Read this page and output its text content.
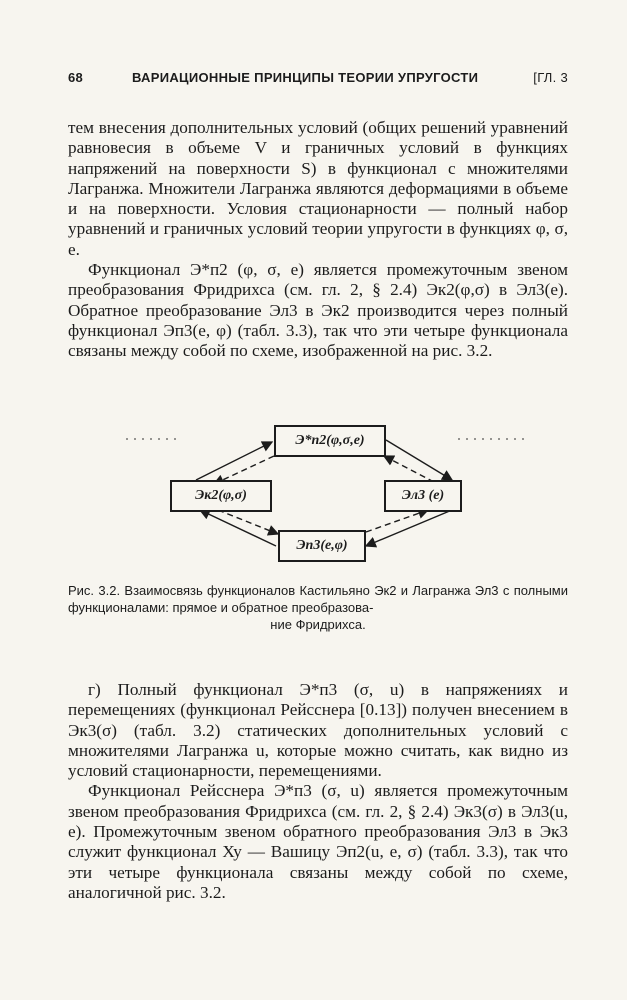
68	ВАРИАЦИОННЫЕ ПРИНЦИПЫ ТЕОРИИ УПРУГОСТИ	[ГЛ. 3

тем внесения дополнительных условий (общих решений уравнений равновесия в объеме V и граничных условий в функциях напряжений на поверхности S) в функционал с множителями Лагранжа. Множители Лагранжа являются деформациями в объеме и на поверхности. Условия стационарности — полный набор уравнений и граничных условий теории упругости в функциях φ, σ, e.

Функционал Э*п2 (φ, σ, e) является промежуточным звеном преобразования Фридрихса (см. гл. 2, § 2.4) Эк2(φ,σ) в Эл3(e). Обратное преобразование Эл3 в Эк2 производится через полный функционал Эп3(e, φ) (табл. 3.3), так что эти четыре функционала связаны между собой по схеме, изображенной на рис. 3.2.

Э*п2(φ,σ,e)
Эк2(φ,σ)	Эл3 (e)
Эп3(e,φ)
Рис. 3.2. Взаимосвязь функционалов Кастильяно Эк2 и Лагранжа Эл3 с полными функционалами: прямое и обратное преобразова-
ние Фридрихса.

г) Полный функционал Э*п3 (σ, u) в напряжениях и перемещениях (функционал Рейсснера [0.13]) получен внесением в Эк3(σ) (табл. 3.2) статических дополнительных условий с множителями Лагранжа u, которые можно считать, как видно из условий стационарности, перемещениями.

Функционал Рейсснера Э*п3 (σ, u) является промежуточным звеном преобразования Фридрихса (см. гл. 2, § 2.4) Эк3(σ) в Эл3(u, e). Промежуточным звеном обратного преобразования Эл3 в Эк3 служит функционал Ху — Вашицу Эп2(u, e, σ) (табл. 3.3), так что эти четыре функционала связаны между собой по схеме, аналогичной рис. 3.2.
